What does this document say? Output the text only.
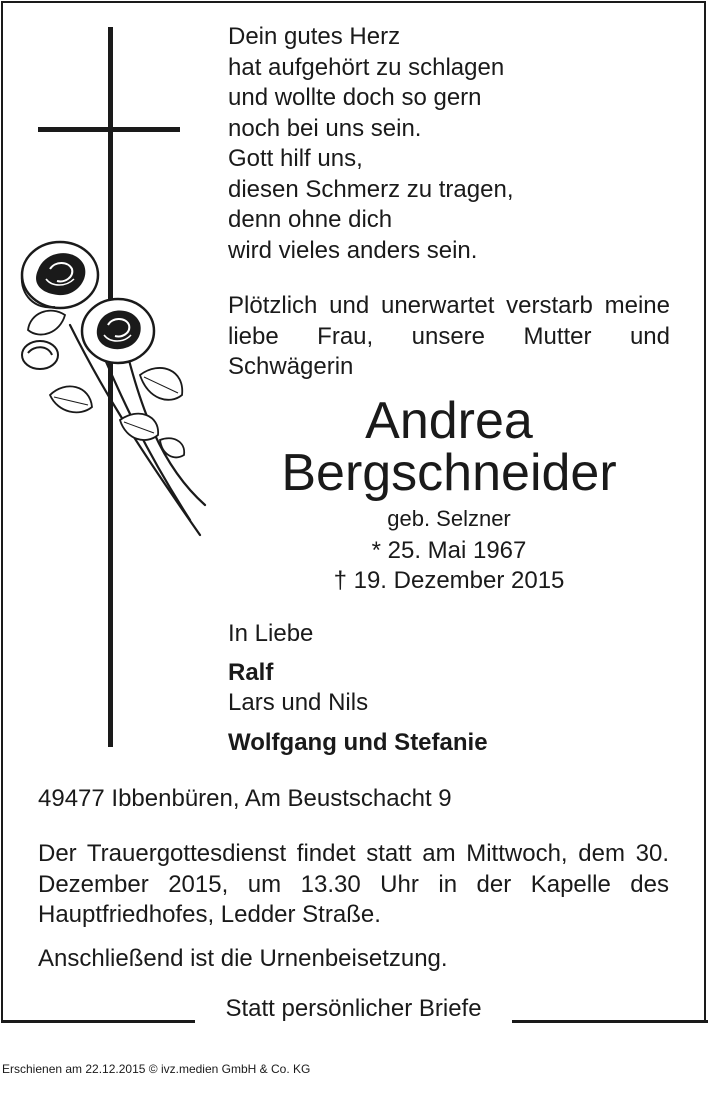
Dein gutes Herz
hat aufgehört zu schlagen
und wollte doch so gern
noch bei uns sein.
Gott hilf uns,
diesen Schmerz zu tragen,
denn ohne dich
wird vieles anders sein.
Plötzlich und unerwartet verstarb meine liebe Frau, unsere Mutter und Schwägerin
Andrea
Bergschneider
geb. Selzner
* 25. Mai 1967
† 19. Dezember 2015
In Liebe
Ralf
Lars und Nils
Wolfgang und Stefanie
49477 Ibbenbüren, Am Beustschacht 9
Der Trauergottesdienst findet statt am Mittwoch, dem 30. Dezember 2015, um 13.30 Uhr in der Kapelle des Hauptfriedhofes, Ledder Straße.
Anschließend ist die Urnenbeisetzung.
Statt persönlicher Briefe
Erschienen am 22.12.2015 © ivz.medien GmbH & Co. KG
